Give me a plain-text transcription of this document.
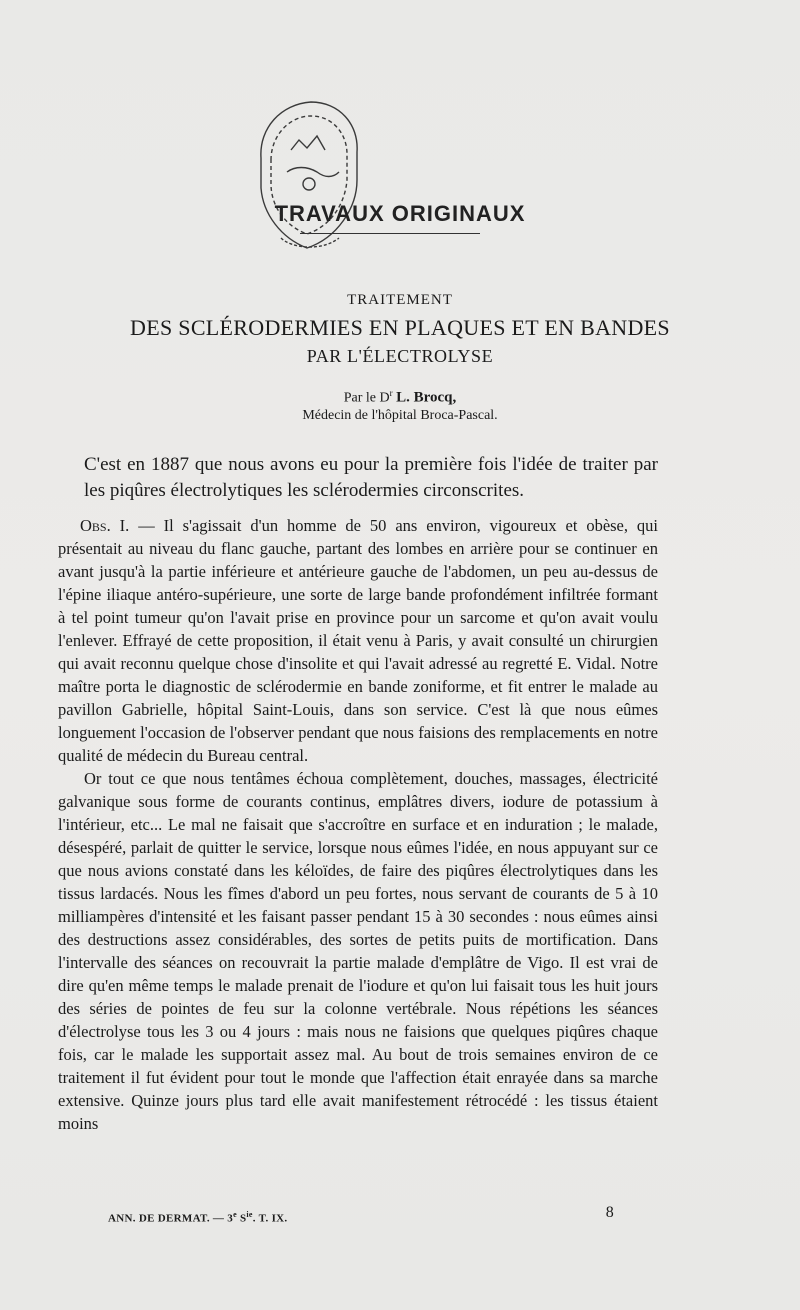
TRAVAUX ORIGINAUX
TRAITEMENT
DES SCLÉRODERMIES EN PLAQUES ET EN BANDES
PAR L'ÉLECTROLYSE
Par le $D^r$ L. Brocq,
Médecin de l'hôpital Broca-Pascal.
C'est en 1887 que nous avons eu pour la première fois l'idée de traiter par les piqûres électrolytiques les sclérodermies circonscrites.

Obs. I. — Il s'agissait d'un homme de 50 ans environ, vigoureux et obèse, qui présentait au niveau du flanc gauche, partant des lombes en arrière pour se continuer en avant jusqu'à la partie inférieure et antérieure gauche de l'abdomen, un peu au-dessus de l'épine iliaque antéro-supérieure, une sorte de large bande profondément infiltrée formant à tel point tumeur qu'on l'avait prise en province pour un sarcome et qu'on avait voulu l'enlever. Effrayé de cette proposition, il était venu à Paris, y avait consulté un chirurgien qui avait reconnu quelque chose d'insolite et qui l'avait adressé au regretté E. Vidal. Notre maître porta le diagnostic de sclérodermie en bande zoniforme, et fit entrer le malade au pavillon Gabrielle, hôpital Saint-Louis, dans son service. C'est là que nous eûmes longuement l'occasion de l'observer pendant que nous faisions des remplacements en notre qualité de médecin du Bureau central.

Or tout ce que nous tentâmes échoua complètement, douches, massages, électricité galvanique sous forme de courants continus, emplâtres divers, iodure de potassium à l'intérieur, etc... Le mal ne faisait que s'accroître en surface et en induration ; le malade, désespéré, parlait de quitter le service, lorsque nous eûmes l'idée, en nous appuyant sur ce que nous avions constaté dans les kéloïdes, de faire des piqûres électrolytiques dans les tissus lardacés. Nous les fîmes d'abord un peu fortes, nous servant de courants de 5 à 10 milliampères d'intensité et les faisant passer pendant 15 à 30 secondes : nous eûmes ainsi des destructions assez considérables, des sortes de petits puits de mortification. Dans l'intervalle des séances on recouvrait la partie malade d'emplâtre de Vigo. Il est vrai de dire qu'en même temps le malade prenait de l'iodure et qu'on lui faisait tous les huit jours des séries de pointes de feu sur la colonne vertébrale. Nous répétions les séances d'électrolyse tous les 3 ou 4 jours : mais nous ne faisions que quelques piqûres chaque fois, car le malade les supportait assez mal. Au bout de trois semaines environ de ce traitement il fut évident pour tout le monde que l'affection était enrayée dans sa marche extensive. Quinze jours plus tard elle avait manifestement rétrocédé : les tissus étaient moins

ANN. DE DERMAT. — 3e $S^{ie}$. T. IX.	8
